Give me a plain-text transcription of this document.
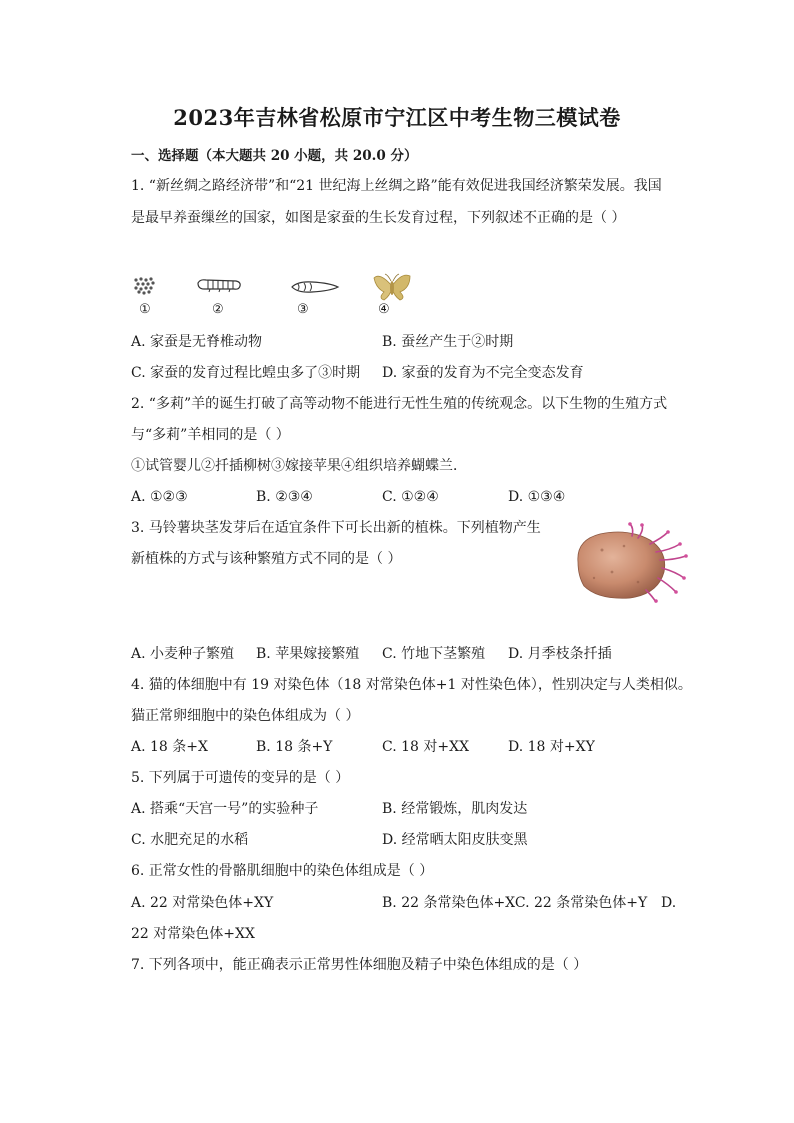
2023年吉林省松原市宁江区中考生物三模试卷
一、选择题（本大题共 20 小题，共 20.0 分）
1. “新丝绸之路经济带”和“21 世纪海上丝绸之路”能有效促进我国经济繁荣发展。我国
是最早养蚕缫丝的国家，如图是家蚕的生长发育过程，下列叙述不正确的是（ ）
①	②	③	④
A. 家蚕是无脊椎动物	B. 蚕丝产生于②时期
C. 家蚕的发育过程比蝗虫多了③时期 D. 家蚕的发育为不完全变态发育
2. “多莉”羊的诞生打破了高等动物不能进行无性生殖的传统观念。以下生物的生殖方式
与“多莉”羊相同的是（ ）
①试管婴儿②扦插柳树③嫁接苹果④组织培养蝴蝶兰．
A. ①②③	B. ②③④	C. ①②④	D. ①③④
3. 马铃薯块茎发芽后在适宜条件下可长出新的植株。下列植物产生
新植株的方式与该种繁殖方式不同的是（ ）
A. 小麦种子繁殖 B. 苹果嫁接繁殖 C. 竹地下茎繁殖 D. 月季枝条扦插
4. 猫的体细胞中有 19 对染色体（18 对常染色体+1 对性染色体），性别决定与人类相似。
猫正常卵细胞中的染色体组成为（ ）
A. 18 条+X	B. 18 条+Y	C. 18 对+XX	D. 18 对+XY
5. 下列属于可遗传的变异的是（ ）
A. 搭乘“天宫一号”的实验种子	B. 经常锻炼，肌肉发达
C. 水肥充足的水稻	D. 经常晒太阳皮肤变黑
6. 正常女性的骨骼肌细胞中的染色体组成是（ ）
A. 22 对常染色体+XY	B. 22 条常染色体+XC. 22 条常染色体+Y D.
22 对常染色体+XX
7. 下列各项中，能正确表示正常男性体细胞及精子中染色体组成的是（ ）
